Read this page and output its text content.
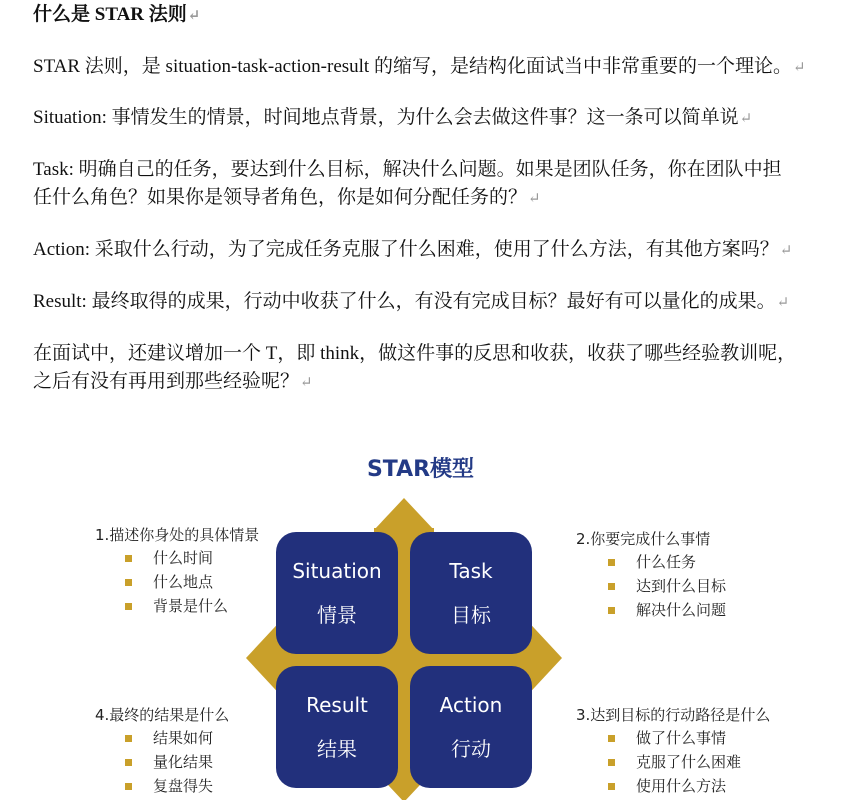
什么是 STAR 法则↵
STAR 法则，是 situation-task-action-result 的缩写，是结构化面试当中非常重要的一个理论。↵
Situation: 事情发生的情景，时间地点背景，为什么会去做这件事？这一条可以简单说↵
Task: 明确自己的任务，要达到什么目标，解决什么问题。如果是团队任务，你在团队中担
任什么角色？如果你是领导者角色，你是如何分配任务的？↵
Action: 采取什么行动，为了完成任务克服了什么困难，使用了什么方法，有其他方案吗？↵
Result: 最终取得的成果，行动中收获了什么，有没有完成目标？最好有可以量化的成果。↵
在面试中，还建议增加一个 T，即 think，做这件事的反思和收获，收获了哪些经验教训呢，
之后有没有再用到那些经验呢？↵
STAR模型
Situation
情景
Task
目标
Result
结果
Action
行动
1.描述你身处的具体情景
什么时间
什么地点
背景是什么
2.你要完成什么事情
什么任务
达到什么目标
解决什么问题
4.最终的结果是什么
结果如何
量化结果
复盘得失
3.达到目标的行动路径是什么
做了什么事情
克服了什么困难
使用什么方法
